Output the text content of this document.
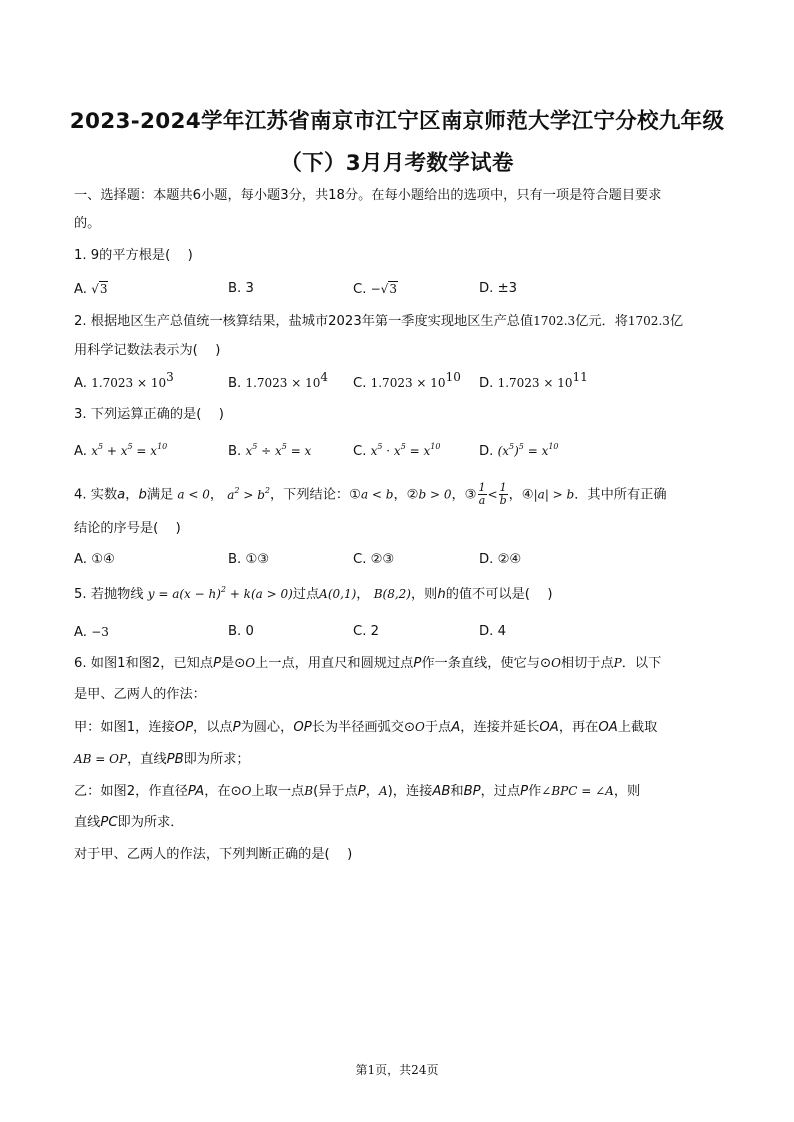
2023-2024学年江苏省南京市江宁区南京师范大学江宁分校九年级
（下）3月月考数学试卷
一、选择题：本题共6小题，每小题3分，共18分。在每小题给出的选项中，只有一项是符合题目要求
的。
1. 9的平方根是(　 )
A. √3	B. 3	C. −√3	D. ±3
2. 根据地区生产总值统一核算结果，盐城市2023年第一季度实现地区生产总值1702.3亿元．将1702.3亿
用科学记数法表示为(　 )
A. $1.7023 \times 10^3$	B. $1.7023 \times 10^4$ C. $1.7023 \times 10^{10}$ D. $1.7023 \times 10^{11}$
3. 下列运算正确的是(　 )
A. $x^5 + x^5 = x^{10}$	B. $x^5 \div x^5 = x$	C. $x^5 \cdot x^5 = x^{10}$	D. $(x^5)^5 = x^{10}$
4. 实数a，b满足 a < 0， $a^2 > b^2$，下列结论：①a < b，②b > 0，③ $\frac{1}{a} < \frac{1}{b}$ ，④|a| > b．其中所有正确
结论的序号是(　 )
A. ①④	B. ①③	C. ②③	D. ②④
5. 若抛物线 $y = a(x - h)^2 + k(a > 0)$过点A(0,1)， B(8,2)，则h的值不可以是(　 )
A. −3	B. 0	C. 2	D. 4
6. 如图1和图2，已知点P是⊙O上一点，用直尺和圆规过点P作一条直线，使它与⊙O相切于点P．以下
是甲、乙两人的作法：
甲：如图1，连接OP，以点P为圆心，OP长为半径画弧交⊙O于点A，连接并延长OA，再在OA上截取
AB = OP，直线PB即为所求；
乙：如图2，作直径PA，在⊙O上取一点B(异于点P，A)，连接AB和BP，过点P作∠BPC = ∠A，则
直线PC即为所求．
对于甲、乙两人的作法，下列判断正确的是(　 )
第1页，共24页
